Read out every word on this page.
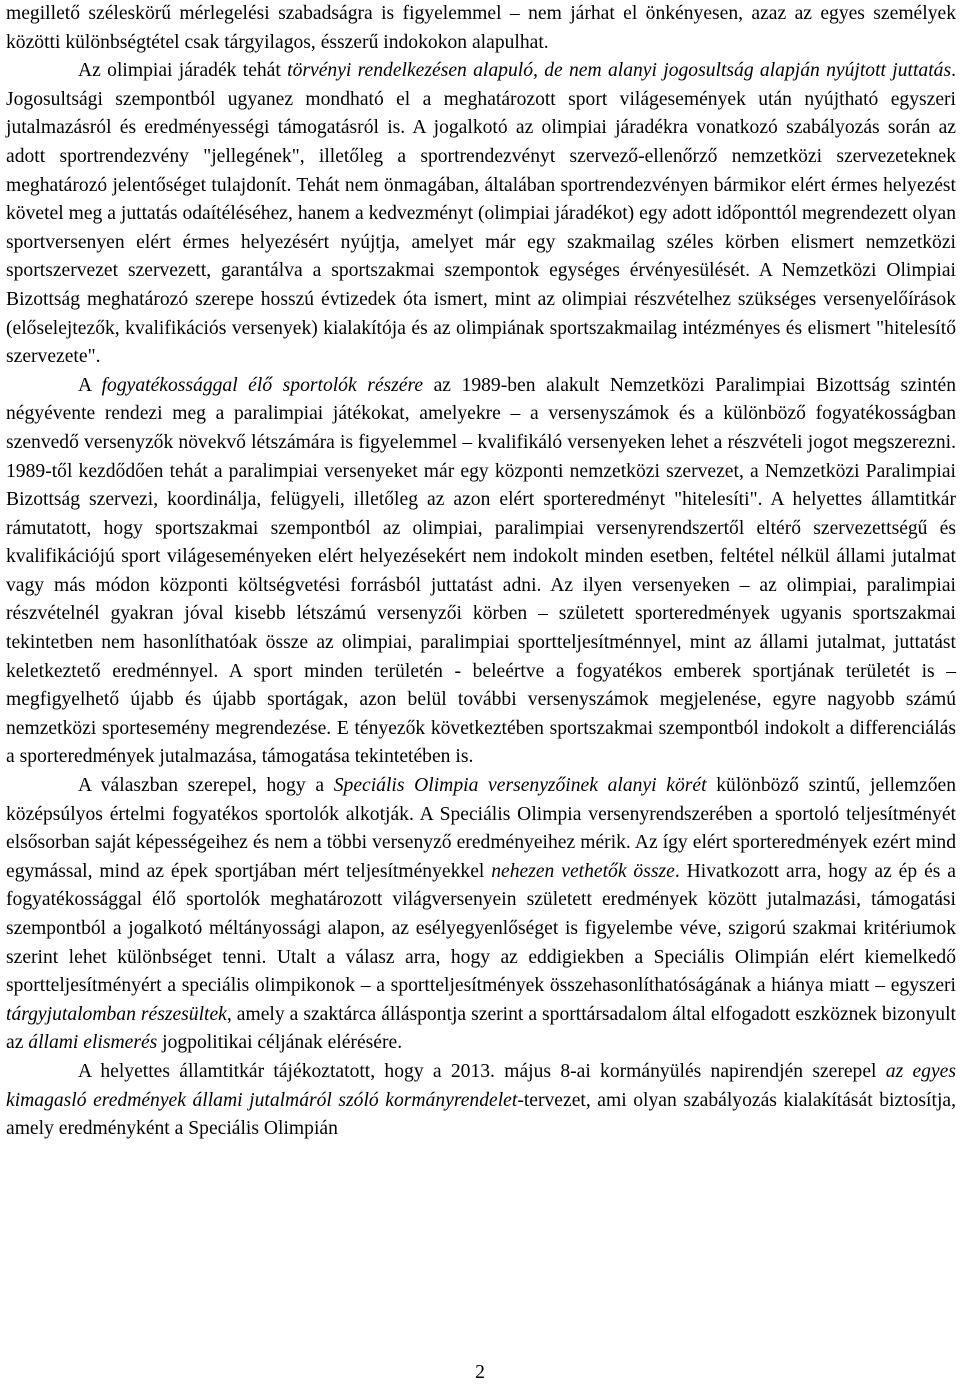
megillető széleskörű mérlegelési szabadságra is figyelemmel – nem járhat el önkényesen, azaz az egyes személyek közötti különbségtétel csak tárgyilagos, ésszerű indokokon alapulhat.
Az olimpiai járadék tehát törvényi rendelkezésen alapuló, de nem alanyi jogosultság alapján nyújtott juttatás. Jogosultsági szempontból ugyanez mondható el a meghatározott sport világesemények után nyújtható egyszeri jutalmazásról és eredményességi támogatásról is. A jogalkotó az olimpiai járadékra vonatkozó szabályozás során az adott sportrendezvény "jellegének", illetőleg a sportrendezvényt szervező-ellenőrző nemzetközi szervezeteknek meghatározó jelentőséget tulajdonít. Tehát nem önmagában, általában sportrendezvényen bármikor elért érmes helyezést követel meg a juttatás odaítéléséhez, hanem a kedvezményt (olimpiai járadékot) egy adott időponttól megrendezett olyan sportversenyen elért érmes helyezésért nyújtja, amelyet már egy szakmailag széles körben elismert nemzetközi sportszervezet szervezett, garantálva a sportszakmai szempontok egységes érvényesülését. A Nemzetközi Olimpiai Bizottság meghatározó szerepe hosszú évtizedek óta ismert, mint az olimpiai részvételhez szükséges versenyelőírások (előselejtezők, kvalifikációs versenyek) kialakítója és az olimpiának sportszakmailag intézményes és elismert "hitelesítő szervezete".
A fogyatékossággal élő sportolók részére az 1989-ben alakult Nemzetközi Paralimpiai Bizottság szintén négyévente rendezi meg a paralimpiai játékokat, amelyekre – a versenyszámok és a különböző fogyatékosságban szenvedő versenyzők növekvő létszámára is figyelemmel – kvalifikáló versenyeken lehet a részvételi jogot megszerezni. 1989-től kezdődően tehát a paralimpiai versenyeket már egy központi nemzetközi szervezet, a Nemzetközi Paralimpiai Bizottság szervezi, koordinálja, felügyeli, illetőleg az azon elért sporteredményt "hitelesíti". A helyettes államtitkár rámutatott, hogy sportszakmai szempontból az olimpiai, paralimpiai versenyrendszertől eltérő szervezettségű és kvalifikációjú sport világeseményeken elért helyezésekért nem indokolt minden esetben, feltétel nélkül állami jutalmat vagy más módon központi költségvetési forrásból juttatást adni. Az ilyen versenyeken – az olimpiai, paralimpiai részvételnél gyakran jóval kisebb létszámú versenyzői körben – született sporteredmények ugyanis sportszakmai tekintetben nem hasonlíthatóak össze az olimpiai, paralimpiai sportteljesítménnyel, mint az állami jutalmat, juttatást keletkeztető eredménnyel. A sport minden területén - beleértve a fogyatékos emberek sportjának területét is – megfigyelhető újabb és újabb sportágak, azon belül további versenyszámok megjelenése, egyre nagyobb számú nemzetközi sportesemény megrendezése. E tényezők következtében sportszakmai szempontból indokolt a differenciálás a sporteredmények jutalmazása, támogatása tekintetében is.
A válaszban szerepel, hogy a Speciális Olimpia versenyzőinek alanyi körét különböző szintű, jellemzően középsúlyos értelmi fogyatékos sportolók alkotják. A Speciális Olimpia versenyrendszerében a sportoló teljesítményét elsősorban saját képességeihez és nem a többi versenyző eredményeihez mérik. Az így elért sporteredmények ezért mind egymással, mind az épek sportjában mért teljesítményekkel nehezen vethetők össze. Hivatkozott arra, hogy az ép és a fogyatékossággal élő sportolók meghatározott világversenyein született eredmények között jutalmazási, támogatási szempontból a jogalkotó méltányossági alapon, az esélyegyenlőséget is figyelembe véve, szigorú szakmai kritériumok szerint lehet különbséget tenni. Utalt a válasz arra, hogy az eddigiekben a Speciális Olimpián elért kiemelkedő sportteljesítményért a speciális olimpikonok – a sportteljesítmények összehasonlíthatóságának a hiánya miatt – egyszeri tárgyjutalomban részesültek, amely a szaktárca álláspontja szerint a sporttársadalom által elfogadott eszköznek bizonyult az állami elismerés jogpolitikai céljának elérésére.
A helyettes államtitkár tájékoztatott, hogy a 2013. május 8-ai kormányülés napirendjén szerepel az egyes kimagasló eredmények állami jutalmáról szóló kormányrendelet-tervezet, ami olyan szabályozás kialakítását biztosítja, amely eredményként a Speciális Olimpián
2
